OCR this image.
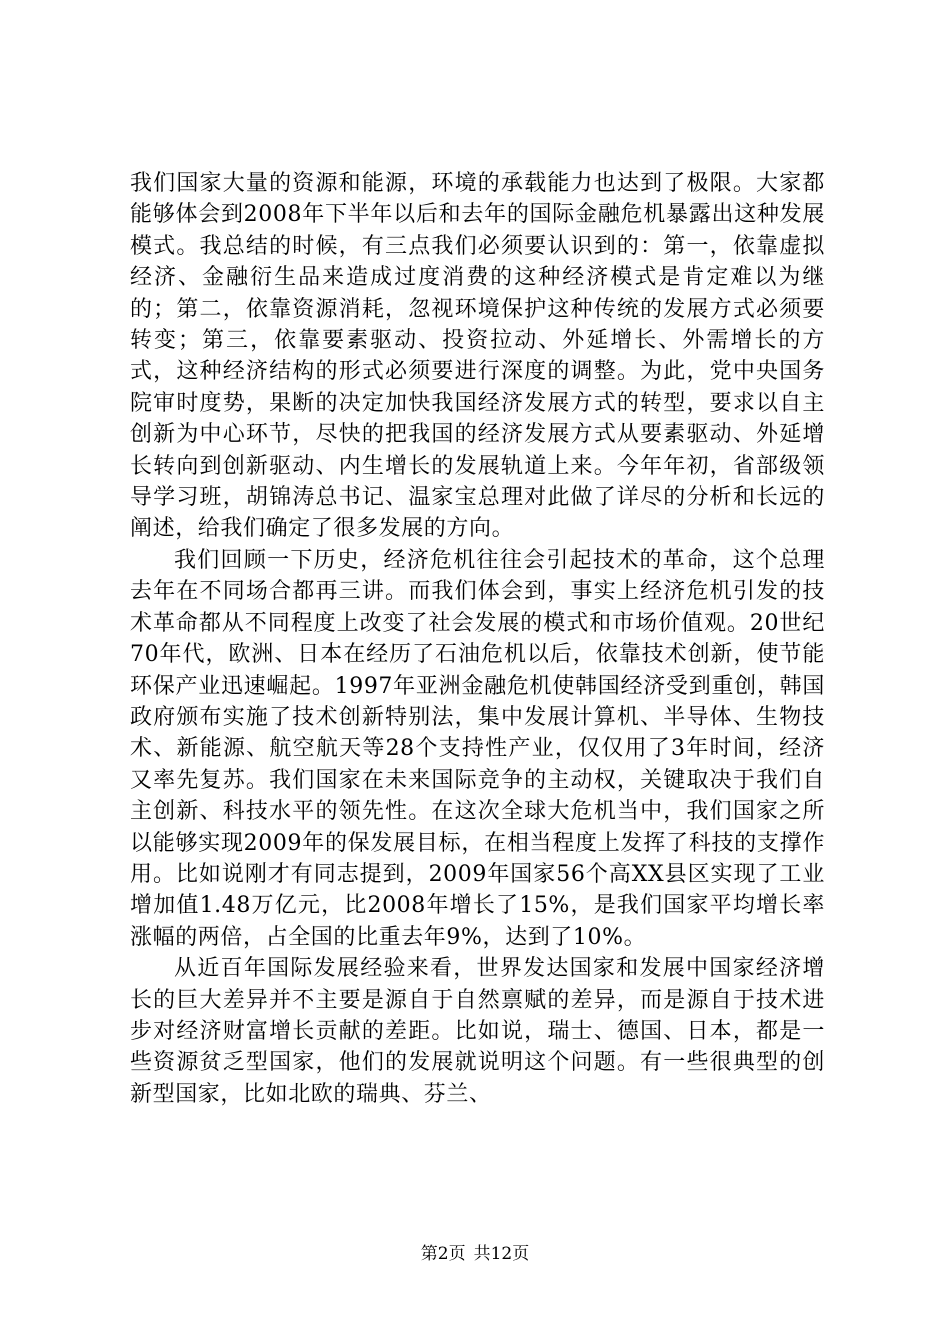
我们国家大量的资源和能源，环境的承载能力也达到了极限。大家都能够体会到2008年下半年以后和去年的国际金融危机暴露出这种发展模式。我总结的时候，有三点我们必须要认识到的：第一，依靠虚拟经济、金融衍生品来造成过度消费的这种经济模式是肯定难以为继的；第二，依靠资源消耗，忽视环境保护这种传统的发展方式必须要转变；第三，依靠要素驱动、投资拉动、外延增长、外需增长的方式，这种经济结构的形式必须要进行深度的调整。为此，党中央国务院审时度势，果断的决定加快我国经济发展方式的转型，要求以自主创新为中心环节，尽快的把我国的经济发展方式从要素驱动、外延增长转向到创新驱动、内生增长的发展轨道上来。今年年初，省部级领导学习班，胡锦涛总书记、温家宝总理对此做了详尽的分析和长远的阐述，给我们确定了很多发展的方向。

我们回顾一下历史，经济危机往往会引起技术的革命，这个总理去年在不同场合都再三讲。而我们体会到，事实上经济危机引发的技术革命都从不同程度上改变了社会发展的模式和市场价值观。20世纪70年代，欧洲、日本在经历了石油危机以后，依靠技术创新，使节能环保产业迅速崛起。1997年亚洲金融危机使韩国经济受到重创，韩国政府颁布实施了技术创新特别法，集中发展计算机、半导体、生物技术、新能源、航空航天等28个支持性产业，仅仅用了3年时间，经济又率先复苏。我们国家在未来国际竞争的主动权，关键取决于我们自主创新、科技水平的领先性。在这次全球大危机当中，我们国家之所以能够实现2009年的保发展目标，在相当程度上发挥了科技的支撑作用。比如说刚才有同志提到，2009年国家56个高XX县区实现了工业增加值1.48万亿元，比2008年增长了15%，是我们国家平均增长率涨幅的两倍，占全国的比重去年9%，达到了10%。

从近百年国际发展经验来看，世界发达国家和发展中国家经济增长的巨大差异并不主要是源自于自然禀赋的差异，而是源自于技术进步对经济财富增长贡献的差距。比如说，瑞士、德国、日本，都是一些资源贫乏型国家，他们的发展就说明这个问题。有一些很典型的创新型国家，比如北欧的瑞典、芬兰、

第2页 共12页
